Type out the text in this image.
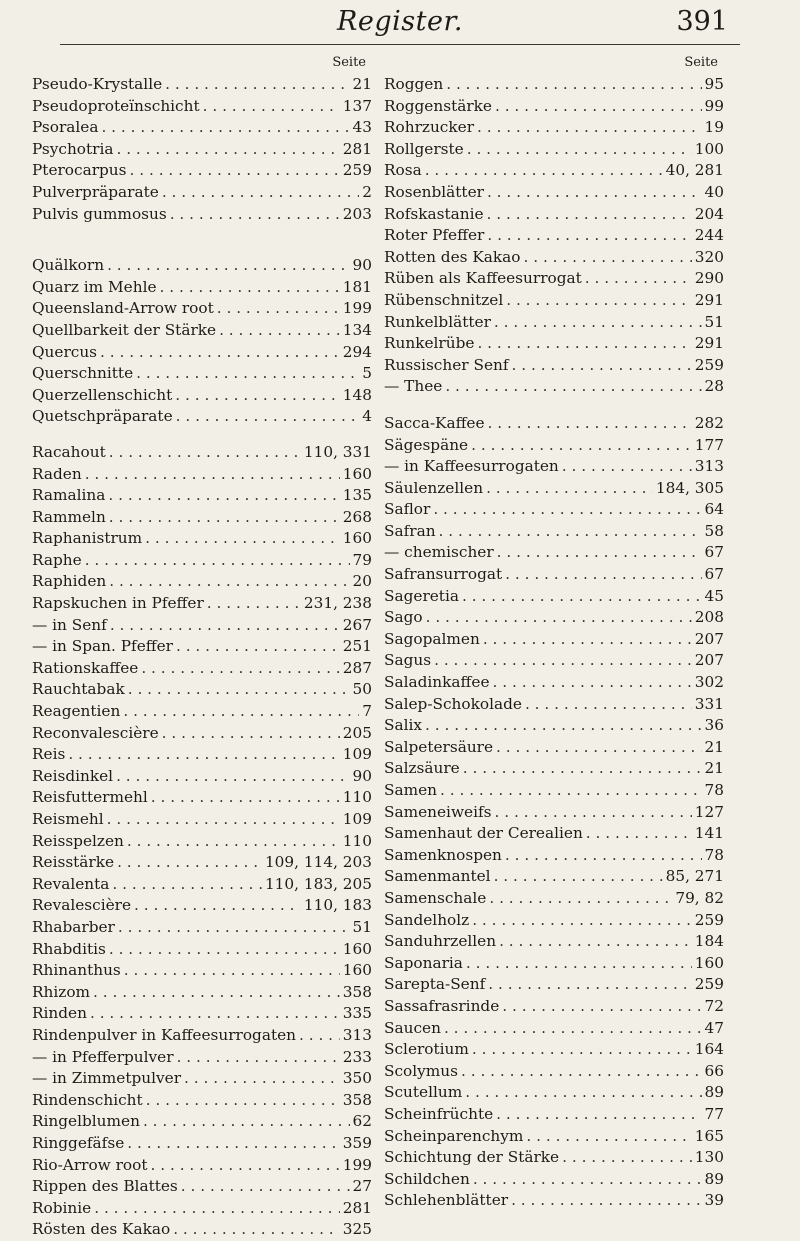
Register.	391
Seite
Pseudo-Krystalle . . .	21
Pseudoproteïnschicht . . .	137
Psoralea . . .	43
Psychotria . . .	281
Pterocarpus . . .	259
Pulverpräparate . . .	2
Pulvis gummosus . . .	203
Quälkorn . . .	90
Quarz im Mehle . . .	181
Queensland-Arrow root . . .	199
Quellbarkeit der Stärke . . .	134
Quercus . . .	294
Querschnitte . . .	5
Querzellenschicht . . .	148
Quetschpräparate . . .	4
Racahout . . .	110, 331
Raden . . .	160
Ramalina . . .	135
Rammeln . . .	268
Raphanistrum . . .	160
Raphe . . .	79
Raphiden . . .	20
Rapskuchen in Pfeffer . . .	231, 238
— in Senf . . .	267
— in Span. Pfeffer . . .	251
Rationskaffee . . .	287
Rauchtabak . . .	50
Reagentien . . .	7
Reconvalescière . . .	205
Reis . . .	109
Reisdinkel . . .	90
Reisfuttermehl . . .	110
Reismehl . . .	109
Reisspelzen . . .	110
Reisstärke . . .	109, 114, 203
Revalenta . . .	110, 183, 205
Revalescière . . .	110, 183
Rhabarber . . .	51
Rhabditis . . .	160
Rhinanthus . . .	160
Rhizom . . .	358
Rinden . . .	335
Rindenpulver in Kaffeesurrogaten . . .	313
— in Pfefferpulver . . .	233
— in Zimmetpulver . . .	350
Rindenschicht . . .	358
Ringelblumen . . .	62
Ringgefäfse . . .	359
Rio-Arrow root . . .	199
Rippen des Blattes . . .	27
Robinie . . .	281
Rösten des Kakao . . .	325
Seite
Roggen . . .	95
Roggenstärke . . .	99
Rohrzucker . . .	19
Rollgerste . . .	100
Rosa . . .	40, 281
Rosenblätter . . .	40
Rofskastanie . . .	204
Roter Pfeffer . . .	244
Rotten des Kakao . . .	320
Rüben als Kaffeesurrogat . . .	290
Rübenschnitzel . . .	291
Runkelblätter . . .	51
Runkelrübe . . .	291
Russischer Senf . . .	259
— Thee . . .	28
Sacca-Kaffee . . .	282
Sägespäne . . .	177
— in Kaffeesurrogaten . . .	313
Säulenzellen . . .	184, 305
Saflor . . .	64
Safran . . .	58
— chemischer . . .	67
Safransurrogat . . .	67
Sageretia . . .	45
Sago . . .	208
Sagopalmen . . .	207
Sagus . . .	207
Saladinkaffee . . .	302
Salep-Schokolade . . .	331
Salix . . .	36
Salpetersäure . . .	21
Salzsäure . . .	21
Samen . . .	78
Sameneiweifs . . .	127
Samenhaut der Cerealien . . .	141
Samenknospen . . .	78
Samenmantel . . .	85, 271
Samenschale . . .	79, 82
Sandelholz . . .	259
Sanduhrzellen . . .	184
Saponaria . . .	160
Sarepta-Senf . . .	259
Sassafrasrinde . . .	72
Saucen . . .	47
Sclerotium . . .	164
Scolymus . . .	66
Scutellum . . .	89
Scheinfrüchte . . .	77
Scheinparenchym . . .	165
Schichtung der Stärke . . .	130
Schildchen . . .	89
Schlehenblätter . . .	39
